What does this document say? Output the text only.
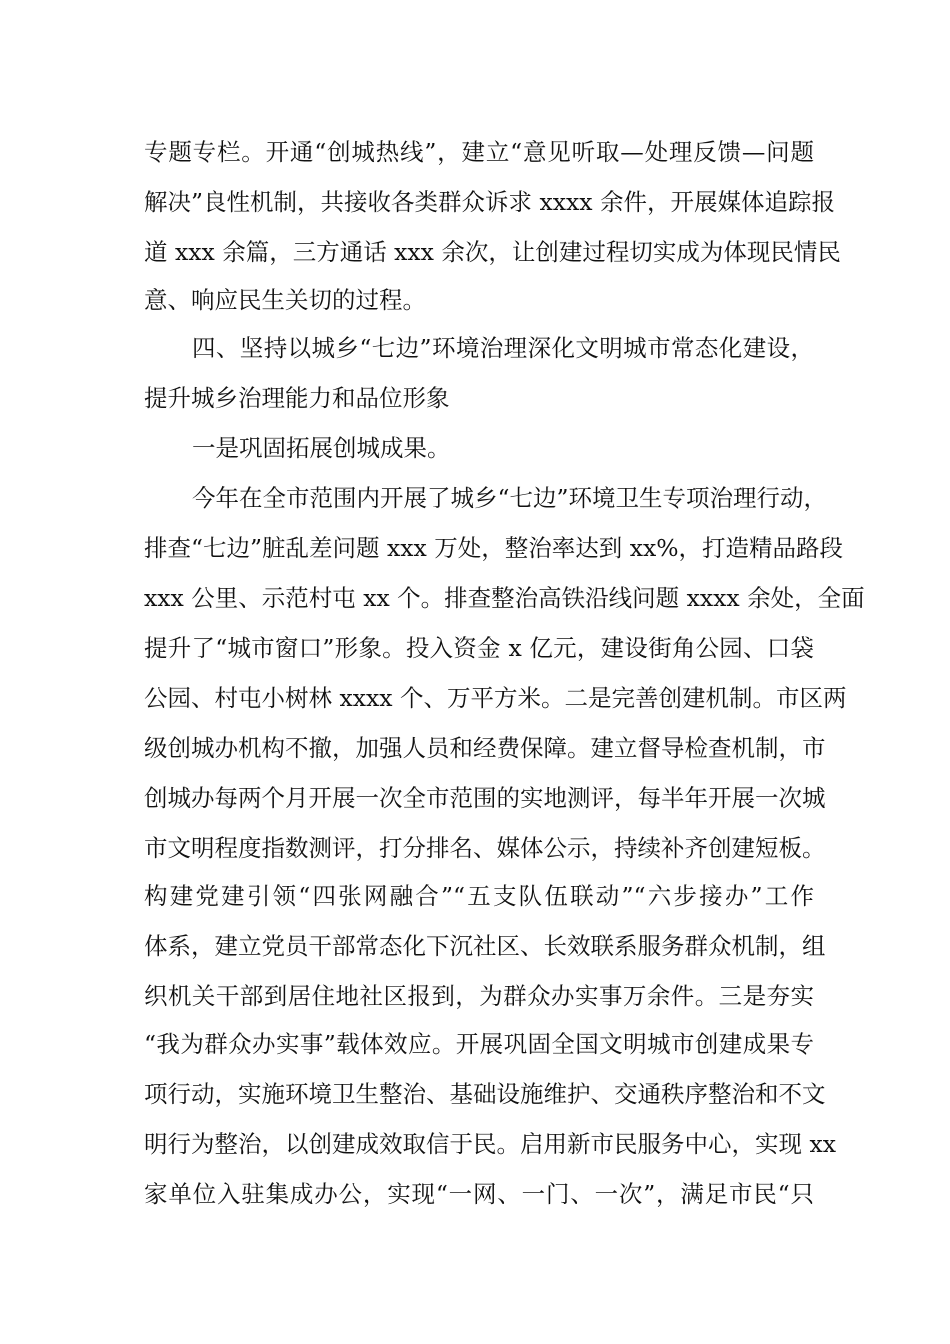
专题专栏。开通“创城热线”，建立“意见听取—处理反馈—问题
解决”良性机制，共接收各类群众诉求 xxxx 余件，开展媒体追踪报
道 xxx 余篇，三方通话 xxx 余次，让创建过程切实成为体现民情民
意、响应民生关切的过程。
四、坚持以城乡“七边”环境治理深化文明城市常态化建设，
提升城乡治理能力和品位形象
一是巩固拓展创城成果。
今年在全市范围内开展了城乡“七边”环境卫生专项治理行动，
排查“七边”脏乱差问题 xxx 万处，整治率达到 xx%，打造精品路段
xxx 公里、示范村屯 xx 个。排查整治高铁沿线问题 xxxx 余处，全面
提升了“城市窗口”形象。投入资金 x 亿元，建设街角公园、口袋
公园、村屯小树林 xxxx 个、万平方米。二是完善创建机制。市区两
级创城办机构不撤，加强人员和经费保障。建立督导检查机制，市
创城办每两个月开展一次全市范围的实地测评，每半年开展一次城
市文明程度指数测评，打分排名、媒体公示，持续补齐创建短板。
构建党建引领“四张网融合”“五支队伍联动”“六步接办”工作
体系，建立党员干部常态化下沉社区、长效联系服务群众机制，组
织机关干部到居住地社区报到，为群众办实事万余件。三是夯实
“我为群众办实事”载体效应。开展巩固全国文明城市创建成果专
项行动，实施环境卫生整治、基础设施维护、交通秩序整治和不文
明行为整治，以创建成效取信于民。启用新市民服务中心，实现 xx
家单位入驻集成办公，实现“一网、一门、一次”，满足市民“只
